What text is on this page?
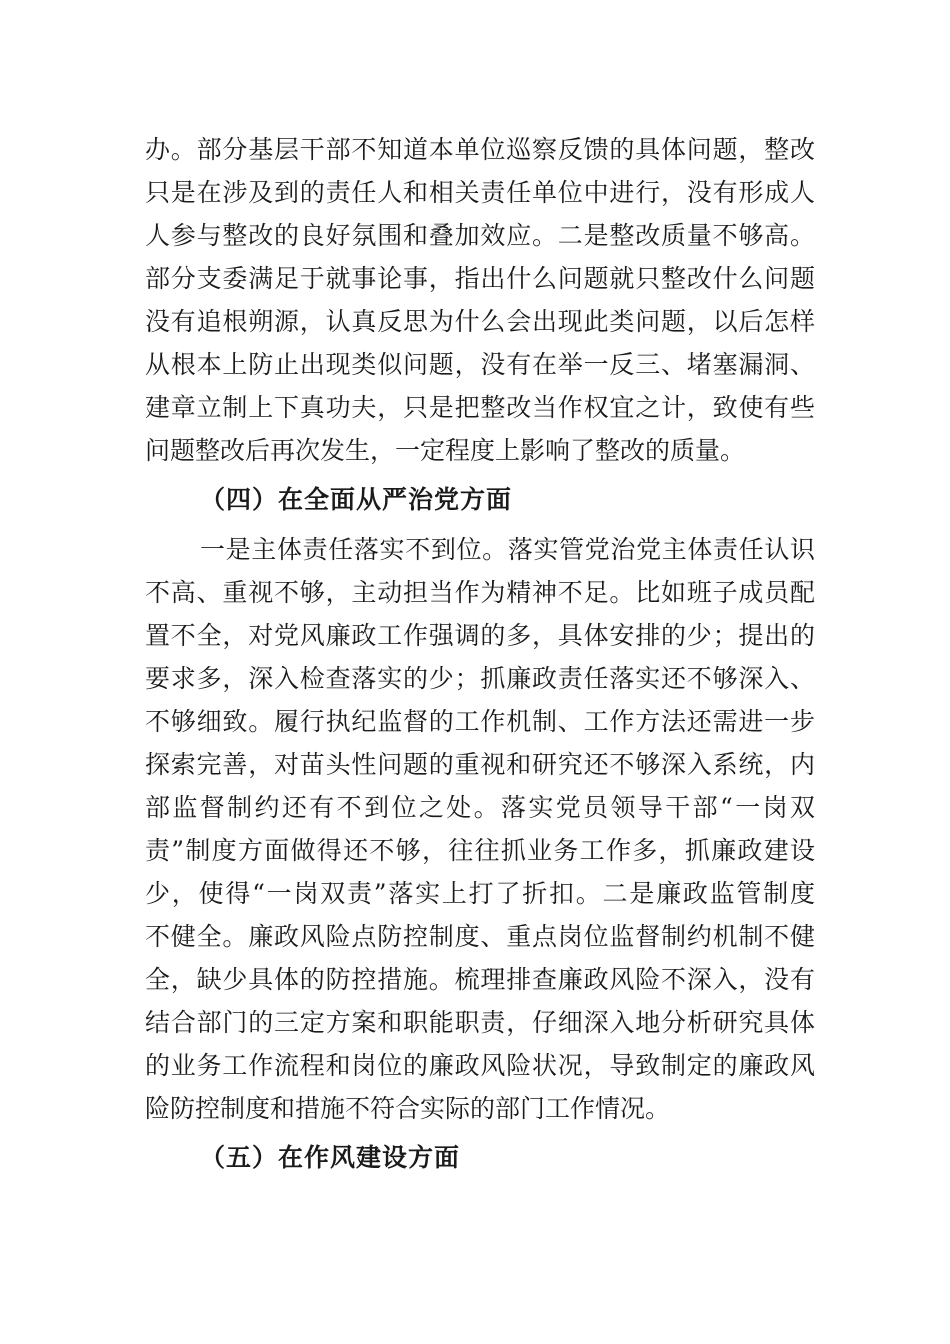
办。部分基层干部不知道本单位巡察反馈的具体问题，整改
只是在涉及到的责任人和相关责任单位中进行，没有形成人
人参与整改的良好氛围和叠加效应。二是整改质量不够高。
部分支委满足于就事论事，指出什么问题就只整改什么问题
没有追根朔源，认真反思为什么会出现此类问题，以后怎样
从根本上防止出现类似问题，没有在举一反三、堵塞漏洞、
建章立制上下真功夫，只是把整改当作权宜之计，致使有些
问题整改后再次发生，一定程度上影响了整改的质量。
（四）在全面从严治党方面
一是主体责任落实不到位。落实管党治党主体责任认识
不高、重视不够，主动担当作为精神不足。比如班子成员配
置不全，对党风廉政工作强调的多，具体安排的少；提出的
要求多，深入检查落实的少；抓廉政责任落实还不够深入、
不够细致。履行执纪监督的工作机制、工作方法还需进一步
探索完善，对苗头性问题的重视和研究还不够深入系统，内
部监督制约还有不到位之处。落实党员领导干部“一岗双
责”制度方面做得还不够，往往抓业务工作多，抓廉政建设
少，使得“一岗双责”落实上打了折扣。二是廉政监管制度
不健全。廉政风险点防控制度、重点岗位监督制约机制不健
全，缺少具体的防控措施。梳理排查廉政风险不深入，没有
结合部门的三定方案和职能职责，仔细深入地分析研究具体
的业务工作流程和岗位的廉政风险状况，导致制定的廉政风
险防控制度和措施不符合实际的部门工作情况。
（五）在作风建设方面
